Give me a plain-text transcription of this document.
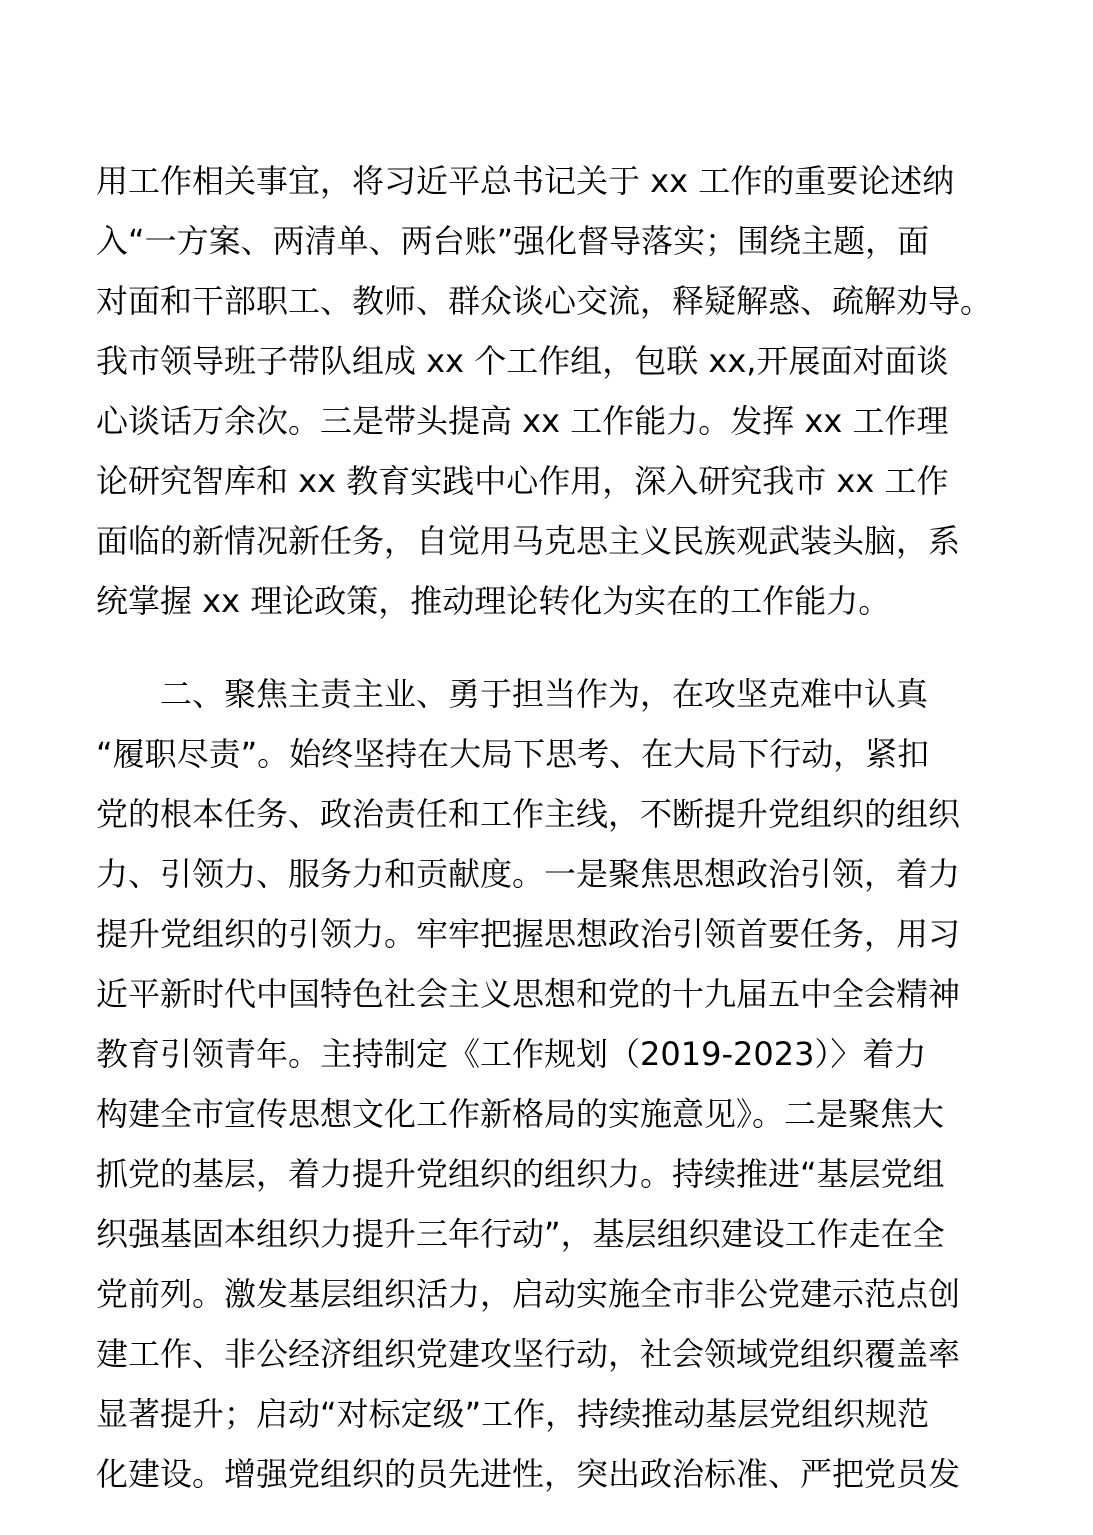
用工作相关事宜，将习近平总书记关于 xx 工作的重要论述纳
入“一方案、两清单、两台账”强化督导落实；围绕主题，面
对面和干部职工、教师、群众谈心交流，释疑解惑、疏解劝导。
我市领导班子带队组成 xx 个工作组，包联 xx,开展面对面谈
心谈话万余次。三是带头提高 xx 工作能力。发挥 xx 工作理
论研究智库和 xx 教育实践中心作用，深入研究我市 xx 工作
面临的新情况新任务，自觉用马克思主义民族观武装头脑，系
统掌握 xx 理论政策，推动理论转化为实在的工作能力。
二、聚焦主责主业、勇于担当作为，在攻坚克难中认真
“履职尽责”。始终坚持在大局下思考、在大局下行动，紧扣
党的根本任务、政治责任和工作主线，不断提升党组织的组织
力、引领力、服务力和贡献度。一是聚焦思想政治引领，着力
提升党组织的引领力。牢牢把握思想政治引领首要任务，用习
近平新时代中国特色社会主义思想和党的十九届五中全会精神
教育引领青年。主持制定《工作规划（2019-2023）〉着力
构建全市宣传思想文化工作新格局的实施意见》。二是聚焦大
抓党的基层，着力提升党组织的组织力。持续推进“基层党组
织强基固本组织力提升三年行动”，基层组织建设工作走在全
党前列。激发基层组织活力，启动实施全市非公党建示范点创
建工作、非公经济组织党建攻坚行动，社会领域党组织覆盖率
显著提升；启动“对标定级”工作，持续推动基层党组织规范
化建设。增强党组织的员先进性，突出政治标准、严把党员发
